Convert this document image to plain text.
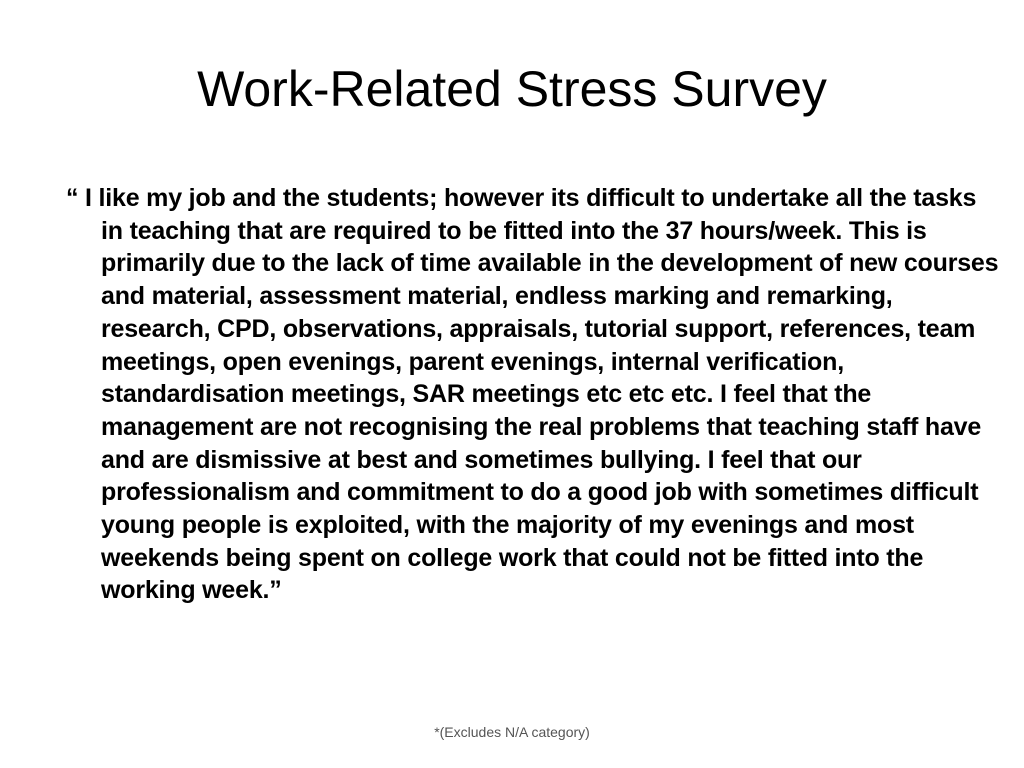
Work-Related Stress Survey

“ I like my job and the students; however its difficult to undertake all the tasks in teaching that are required to be fitted into the 37 hours/week. This is primarily due to the lack of time available in the development of new courses and material, assessment material, endless marking and remarking, research, CPD, observations, appraisals, tutorial support, references, team meetings, open evenings, parent evenings, internal verification, standardisation meetings, SAR meetings etc etc etc. I feel that the management are not recognising the real problems that teaching staff have and are dismissive at best and sometimes bullying. I feel that our professionalism and commitment to do a good job with sometimes difficult young people is exploited, with the majority of my evenings and most weekends being spent on college work that could not be fitted into the working week.”

*(Excludes N/A category)
